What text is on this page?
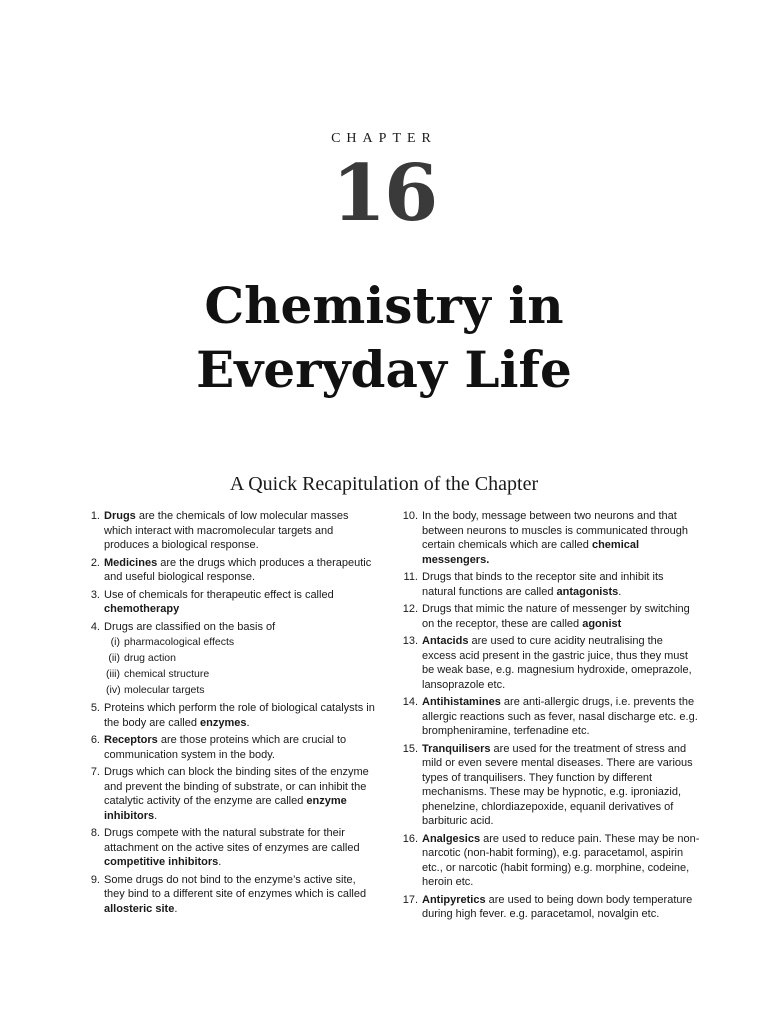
CHAPTER
16
Chemistry in
Everyday Life
A Quick Recapitulation of the Chapter
1. Drugs are the chemicals of low molecular masses which interact with macromolecular targets and produces a biological response.
2. Medicines are the drugs which produces a therapeutic and useful biological response.
3. Use of chemicals for therapeutic effect is called chemotherapy
4. Drugs are classified on the basis of
(i) pharmacological effects
(ii) drug action
(iii) chemical structure
(iv) molecular targets
5. Proteins which perform the role of biological catalysts in the body are called enzymes.
6. Receptors are those proteins which are crucial to communication system in the body.
7. Drugs which can block the binding sites of the enzyme and prevent the binding of substrate, or can inhibit the catalytic activity of the enzyme are called enzyme inhibitors.
8. Drugs compete with the natural substrate for their attachment on the active sites of enzymes are called competitive inhibitors.
9. Some drugs do not bind to the enzyme’s active site, they bind to a different site of enzymes which is called allosteric site.
10. In the body, message between two neurons and that between neurons to muscles is communicated through certain chemicals which are called chemical messengers.
11. Drugs that binds to the receptor site and inhibit its natural functions are called antagonists.
12. Drugs that mimic the nature of messenger by switching on the receptor, these are called agonist
13. Antacids are used to cure acidity neutralising the excess acid present in the gastric juice, thus they must be weak base, e.g. magnesium hydroxide, omeprazole, lansoprazole etc.
14. Antihistamines are anti-allergic drugs, i.e. prevents the allergic reactions such as fever, nasal discharge etc. e.g. brompheniramine, terfenadine etc.
15. Tranquilisers are used for the treatment of stress and mild or even severe mental diseases. There are various types of tranquilisers. They function by different mechanisms. These may be hypnotic, e.g. iproniazid, phenelzine, chlordiazepoxide, equanil derivatives of barbituric acid.
16. Analgesics are used to reduce pain. These may be non-narcotic (non-habit forming), e.g. paracetamol, aspirin etc., or narcotic (habit forming) e.g. morphine, codeine, heroin etc.
17. Antipyretics are used to being down body temperature during high fever. e.g. paracetamol, novalgin etc.
